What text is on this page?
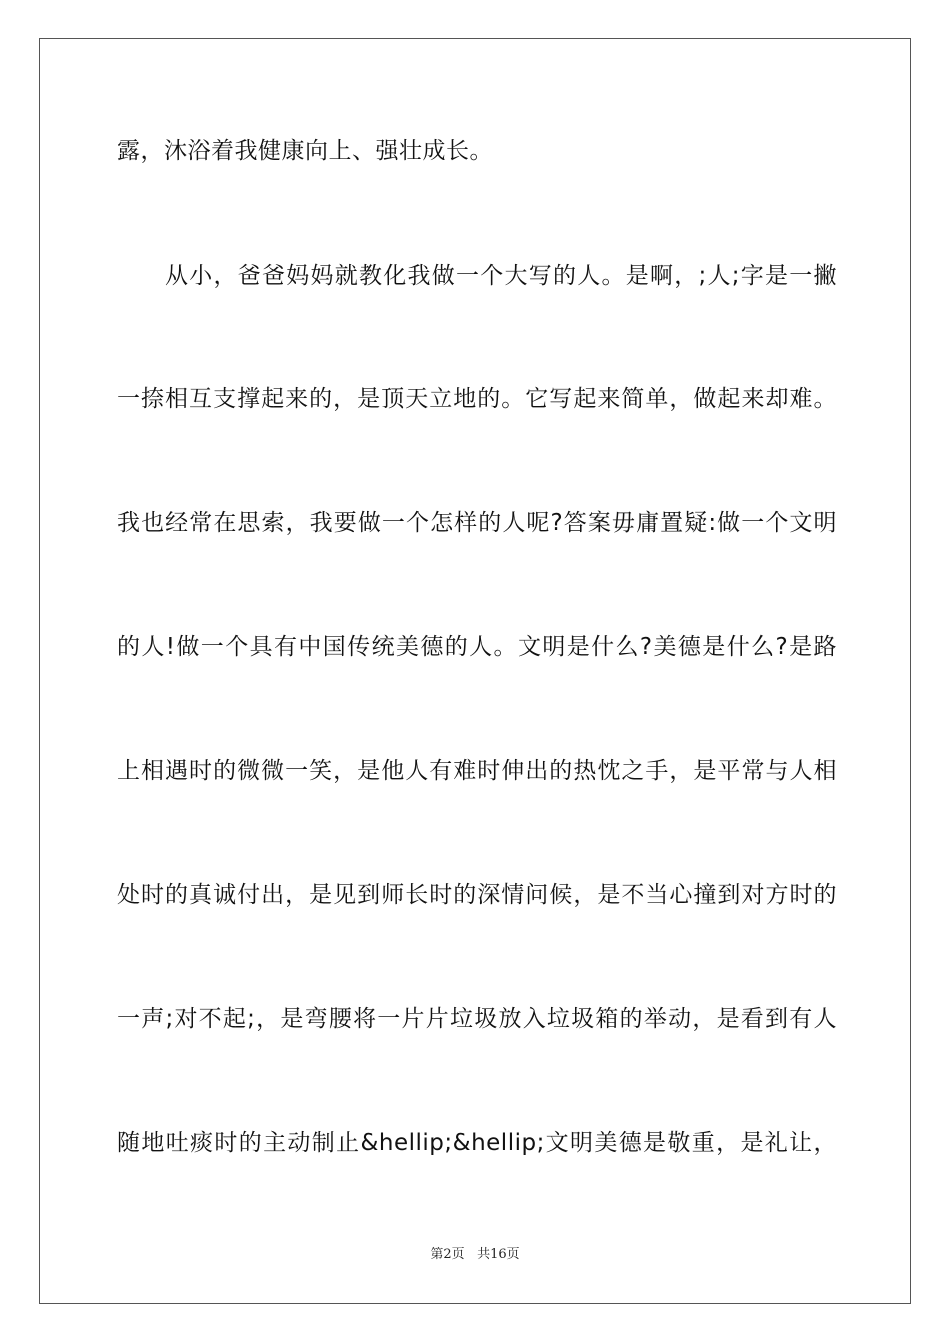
露，沐浴着我健康向上、强壮成长。
从小，爸爸妈妈就教化我做一个大写的人。是啊，;人;字是一撇
一捺相互支撑起来的，是顶天立地的。它写起来简单，做起来却难。
我也经常在思索，我要做一个怎样的人呢?答案毋庸置疑:做一个文明
的人!做一个具有中国传统美德的人。文明是什么?美德是什么?是路
上相遇时的微微一笑，是他人有难时伸出的热忱之手，是平常与人相
处时的真诚付出，是见到师长时的深情问候，是不当心撞到对方时的
一声;对不起;，是弯腰将一片片垃圾放入垃圾箱的举动，是看到有人
随地吐痰时的主动制止&hellip;&hellip;文明美德是敬重，是礼让，
第2页 共16页
